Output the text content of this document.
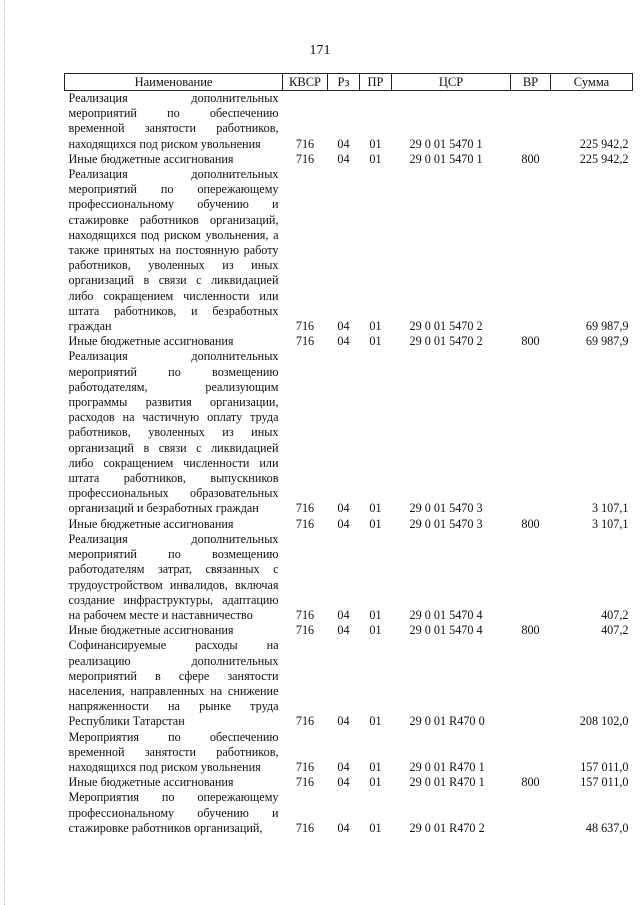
171
Наименование	КВСР	Рз	ПР	ЦСР	ВР	Сумма
Реализация дополнительных мероприятий по обеспечению временной занятости работников, находящихся под риском увольнения	716	04	01	29 0 01 5470 1		225 942,2
Иные бюджетные ассигнования	716	04	01	29 0 01 5470 1	800	225 942,2
Реализация дополнительных мероприятий по опережающему профессиональному обучению и стажировке работников организаций, находящихся под риском увольнения, а также принятых на постоянную работу работников, уволенных из иных организаций в связи с ликвидацией либо сокращением численности или штата работников, и безработных граждан	716	04	01	29 0 01 5470 2		69 987,9
Иные бюджетные ассигнования	716	04	01	29 0 01 5470 2	800	69 987,9
Реализация дополнительных мероприятий по возмещению работодателям, реализующим программы развития организации, расходов на частичную оплату труда работников, уволенных из иных организаций в связи с ликвидацией либо сокращением численности или штата работников, выпускников профессиональных образовательных организаций и безработных граждан	716	04	01	29 0 01 5470 3		3 107,1
Иные бюджетные ассигнования	716	04	01	29 0 01 5470 3	800	3 107,1
Реализация дополнительных мероприятий по возмещению работодателям затрат, связанных с трудоустройством инвалидов, включая создание инфраструктуры, адаптацию на рабочем месте и наставничество	716	04	01	29 0 01 5470 4		407,2
Иные бюджетные ассигнования	716	04	01	29 0 01 5470 4	800	407,2
Софинансируемые расходы на реализацию дополнительных мероприятий в сфере занятости населения, направленных на снижение напряженности на рынке труда Республики Татарстан	716	04	01	29 0 01 R470 0		208 102,0
Мероприятия по обеспечению временной занятости работников, находящихся под риском увольнения	716	04	01	29 0 01 R470 1		157 011,0
Иные бюджетные ассигнования	716	04	01	29 0 01 R470 1	800	157 011,0
Мероприятия по опережающему профессиональному обучению и стажировке работников организаций,	716	04	01	29 0 01 R470 2		48 637,0
